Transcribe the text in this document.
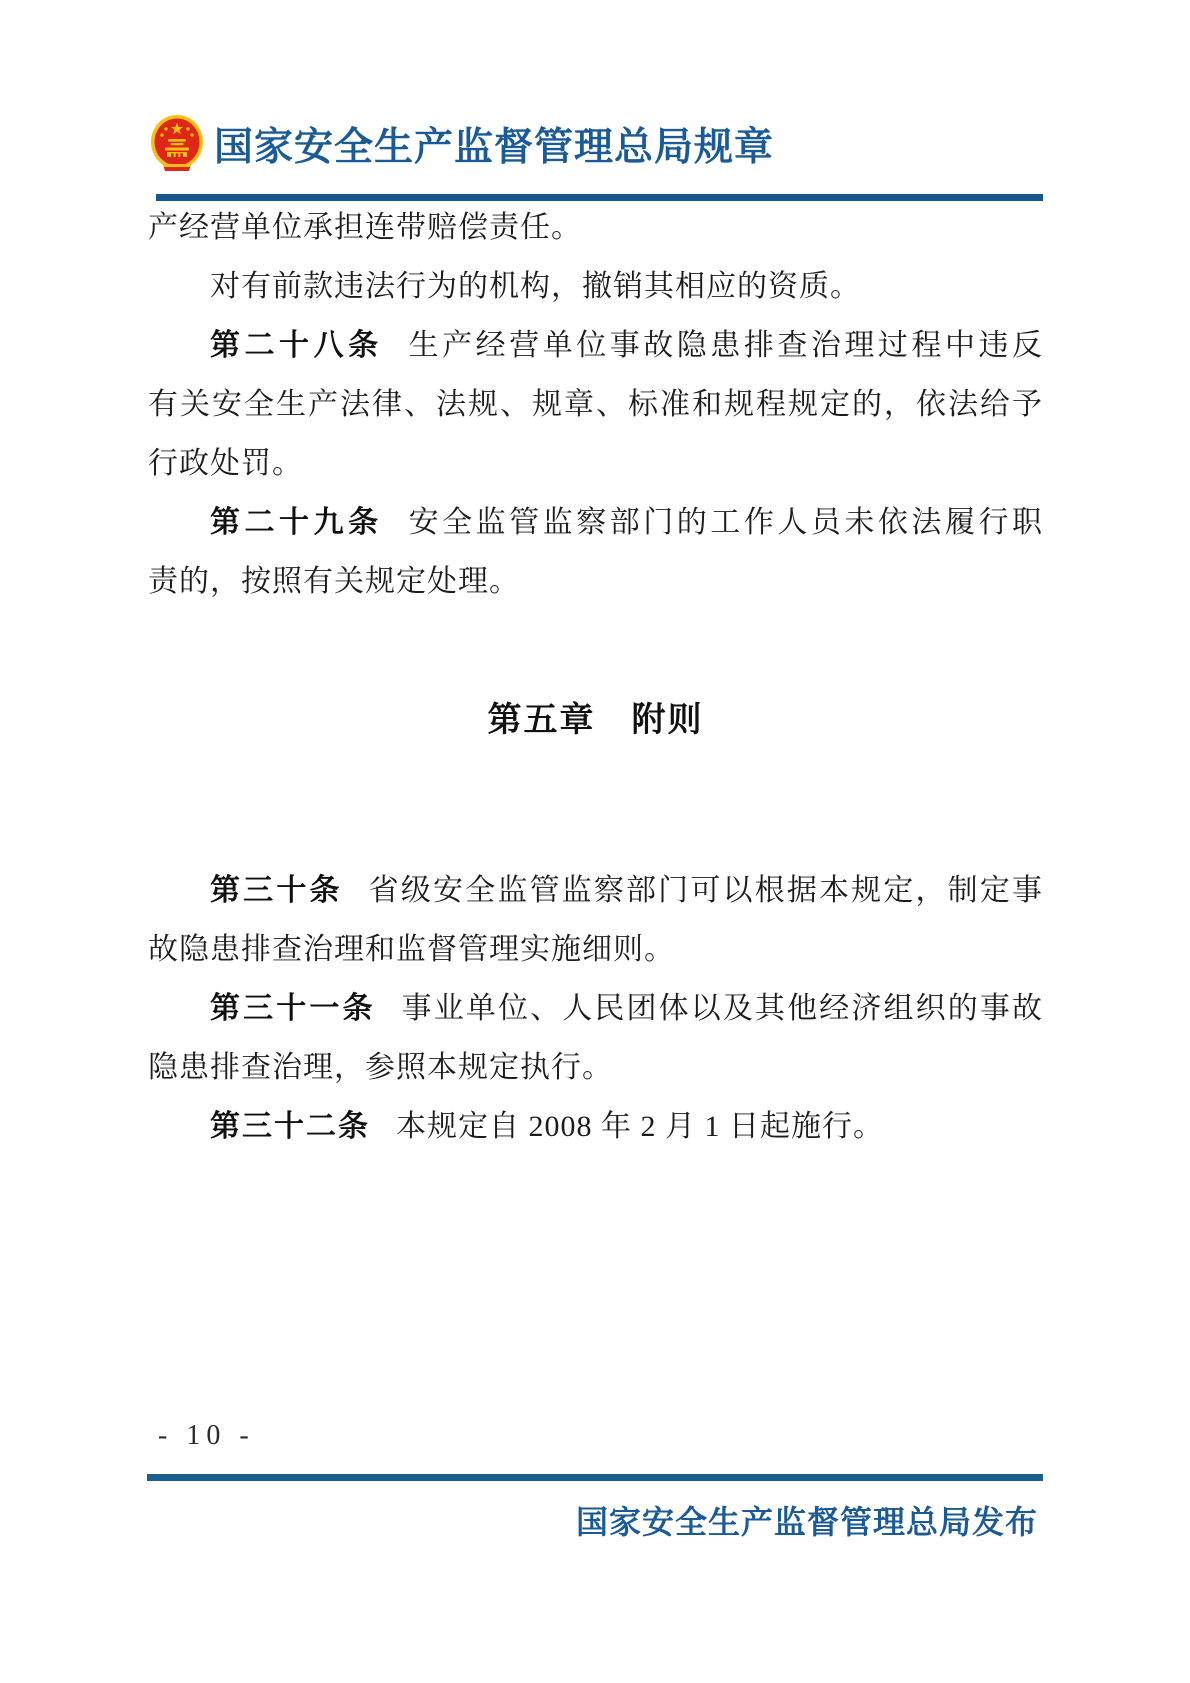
国家安全生产监督管理总局规章
产经营单位承担连带赔偿责任。
对有前款违法行为的机构，撤销其相应的资质。
第二十八条 生产经营单位事故隐患排查治理过程中违反
有关安全生产法律、法规、规章、标准和规程规定的，依法给予
行政处罚。
第二十九条 安全监管监察部门的工作人员未依法履行职
责的，按照有关规定处理。
第五章　附则
第三十条 省级安全监管监察部门可以根据本规定，制定事
故隐患排查治理和监督管理实施细则。
第三十一条 事业单位、人民团体以及其他经济组织的事故
隐患排查治理，参照本规定执行。
第三十二条 本规定自 2008 年 2 月 1 日起施行。
- 10 -
国家安全生产监督管理总局发布
